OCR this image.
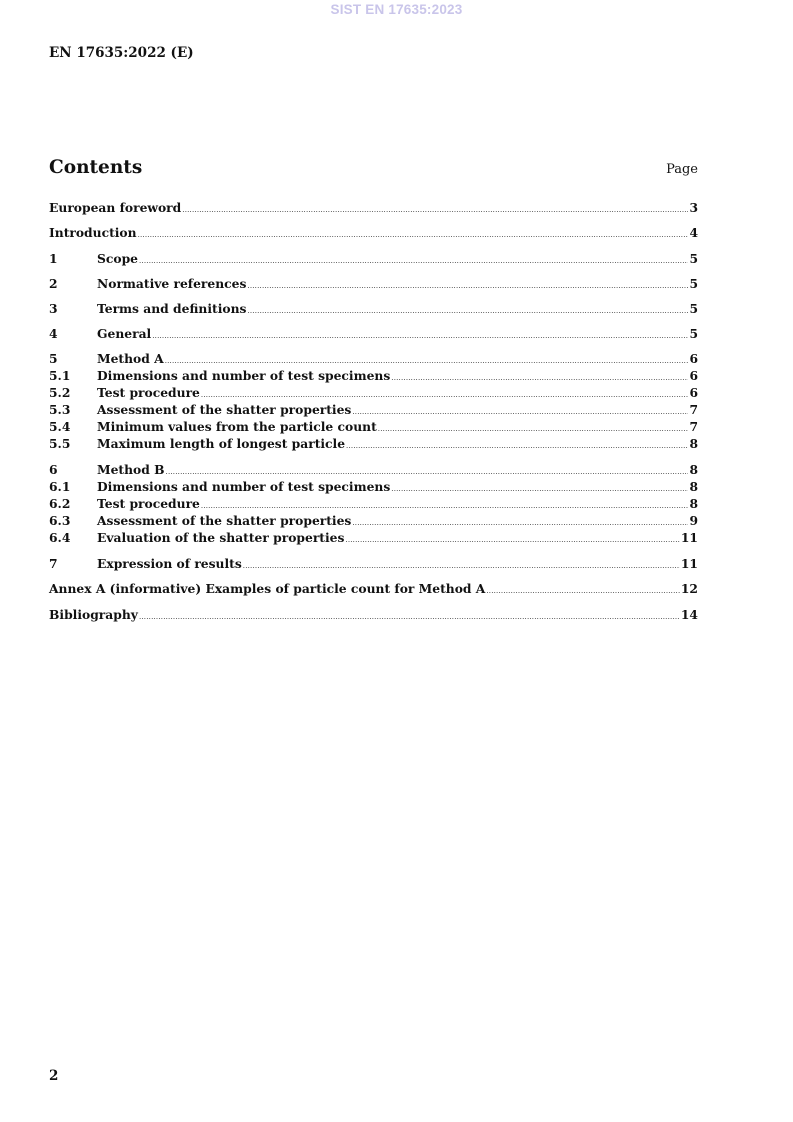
SIST EN 17635:2023
EN 17635:2022 (E)
Contents	Page
European foreword .....	3
Introduction .....	4
1	Scope .....	5
2	Normative references .....	5
3	Terms and definitions .....	5
4	General .....	5
5	Method A .....	6
5.1	Dimensions and number of test specimens .....	6
5.2	Test procedure .....	6
5.3	Assessment of the shatter properties .....	7
5.4	Minimum values from the particle count .....	7
5.5	Maximum length of longest particle .....	8
6	Method B .....	8
6.1	Dimensions and number of test specimens .....	8
6.2	Test procedure .....	8
6.3	Assessment of the shatter properties .....	9
6.4	Evaluation of the shatter properties .....	11
7	Expression of results .....	11
Annex A (informative) Examples of particle count for Method A .....	12
Bibliography .....	14
2
